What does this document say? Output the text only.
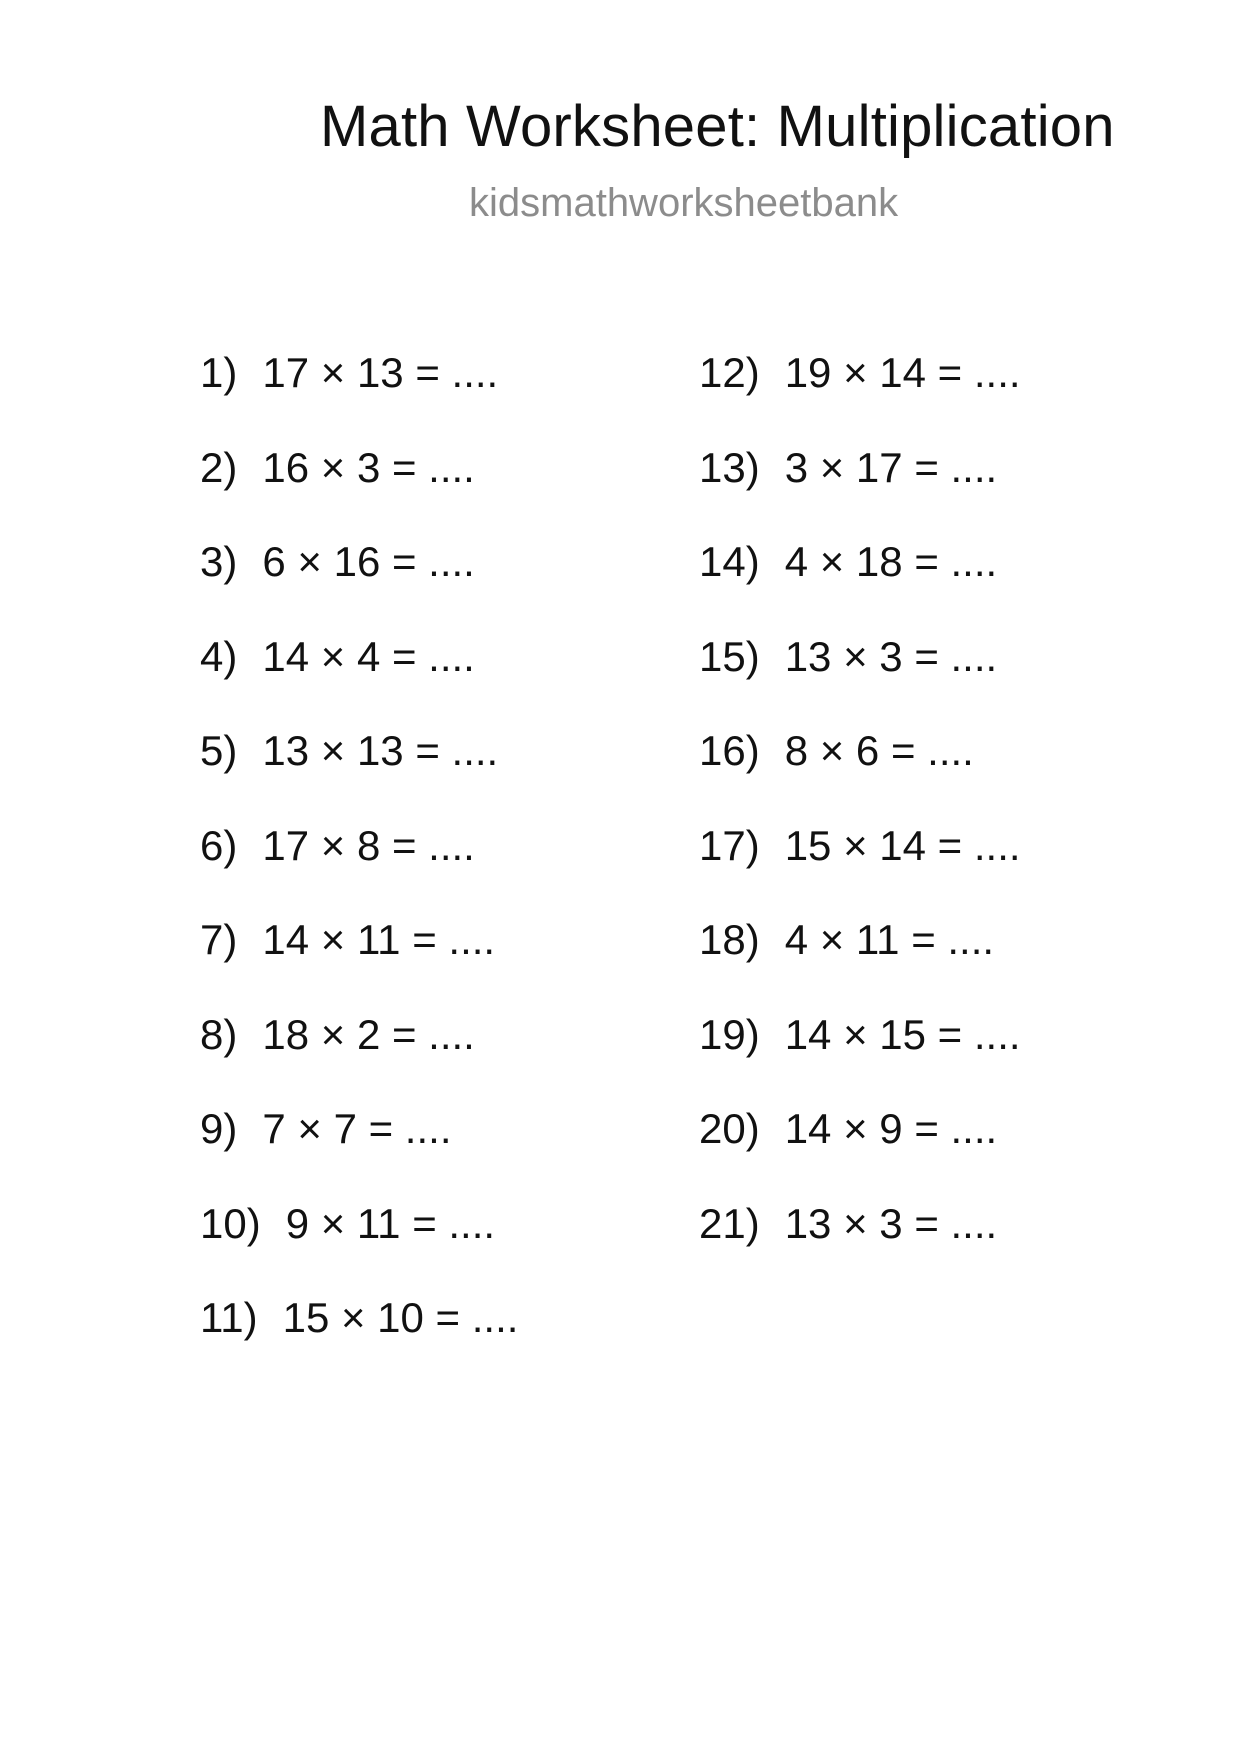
Math Worksheet: Multiplication

kidsmathworksheetbank

1) 17 × 13 = ....
2) 16 × 3 = ....
3) 6 × 16 = ....
4) 14 × 4 = ....
5) 13 × 13 = ....
6) 17 × 8 = ....
7) 14 × 11 = ....
8) 18 × 2 = ....
9) 7 × 7 = ....
10) 9 × 11 = ....
11) 15 × 10 = ....
12) 19 × 14 = ....
13) 3 × 17 = ....
14) 4 × 18 = ....
15) 13 × 3 = ....
16) 8 × 6 = ....
17) 15 × 14 = ....
18) 4 × 11 = ....
19) 14 × 15 = ....
20) 14 × 9 = ....
21) 13 × 3 = ....
